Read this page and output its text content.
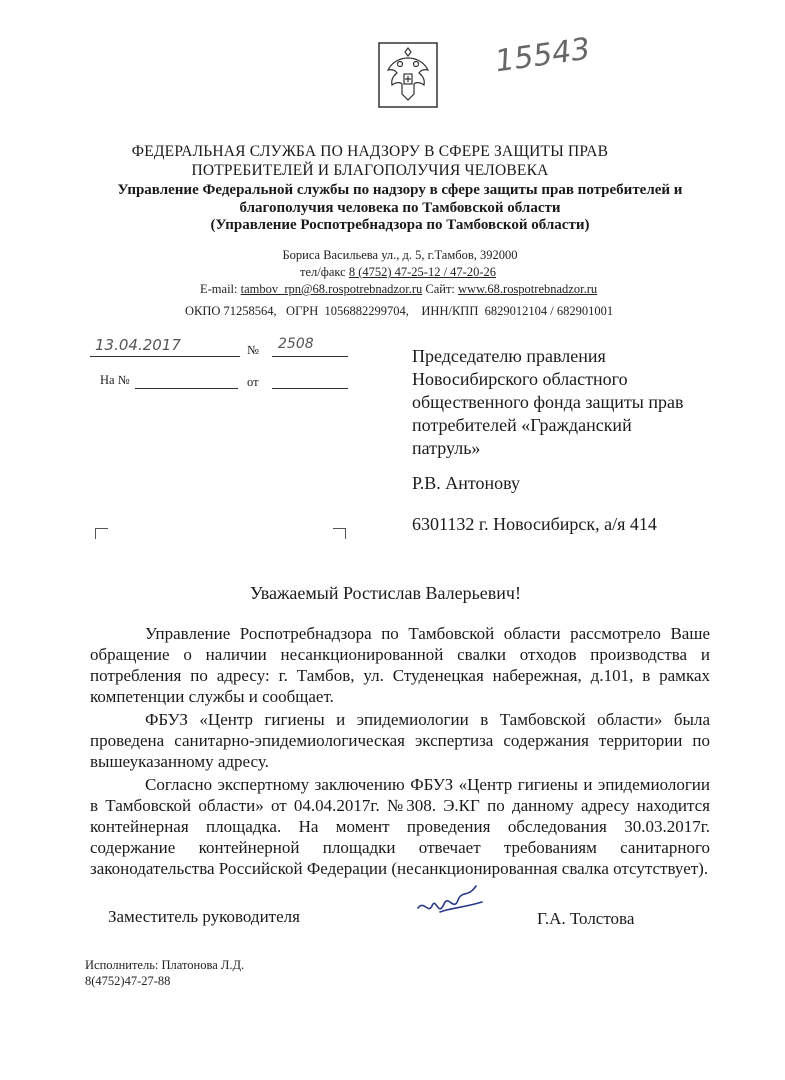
15543
ФЕДЕРАЛЬНАЯ СЛУЖБА ПО НАДЗОРУ В СФЕРЕ ЗАЩИТЫ ПРАВ
ПОТРЕБИТЕЛЕЙ И БЛАГОПОЛУЧИЯ ЧЕЛОВЕКА
Управление Федеральной службы по надзору в сфере защиты прав потребителей и
благополучия человека по Тамбовской области
(Управление Роспотребнадзора по Тамбовской области)
Бориса Васильева ул., д. 5, г.Тамбов, 392000
тел/факс 8 (4752) 47-25-12 / 47-20-26
E-mail: tambov_rpn@68.rospotrebnadzor.ru Сайт: www.68.rospotrebnadzor.ru
ОКПО 71258564,   ОГРН  1056882299704,    ИНН/КПП  6829012104 / 682901001
13.04.2017	№ 2508
На №	от
Председателю правления
Новосибирского областного
общественного фонда защиты прав
потребителей «Гражданский
патруль»
Р.В. Антонову
6301132 г. Новосибирск, а/я 414
Уважаемый Ростислав Валерьевич!

Управление Роспотребнадзора по Тамбовской области рассмотрело Ваше обращение о наличии несанкционированной свалки отходов производства и потребления по адресу: г. Тамбов, ул. Студенецкая набережная, д.101, в рамках компетенции службы и сообщает.

ФБУЗ «Центр гигиены и эпидемиологии в Тамбовской области» была проведена санитарно-эпидемиологическая экспертиза содержания территории по вышеуказанному адресу.

Согласно экспертному заключению ФБУЗ «Центр гигиены и эпидемиологии в Тамбовской области» от 04.04.2017г. №308. Э.КГ по данному адресу находится контейнерная площадка. На момент проведения обследования 30.03.2017г. содержание контейнерной площадки отвечает требованиям санитарного законодательства Российской Федерации (несанкционированная свалка отсутствует).

Заместитель руководителя	Г.А. Толстова
Исполнитель: Платонова Л.Д.
8(4752)47-27-88
